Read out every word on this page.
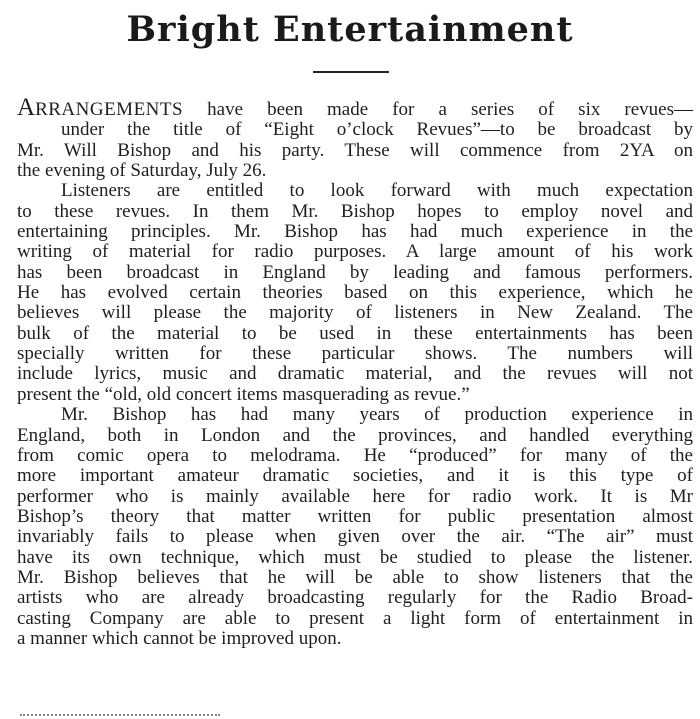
Bright Entertainment

ARRANGEMENTS have been made for a series of six revues—
under the title of “Eight o’clock Revues”—to be broadcast by
Mr. Will Bishop and his party. These will commence from 2YA on
the evening of Saturday, July 26.

Listeners are entitled to look forward with much expectation
to these revues. In them Mr. Bishop hopes to employ novel and
entertaining principles. Mr. Bishop has had much experience in the
writing of material for radio purposes. A large amount of his work
has been broadcast in England by leading and famous performers.
He has evolved certain theories based on this experience, which he
believes will please the majority of listeners in New Zealand. The
bulk of the material to be used in these entertainments has been
specially written for these particular shows. The numbers will
include lyrics, music and dramatic material, and the revues will not
present the “old, old concert items masquerading as revue.”

Mr. Bishop has had many years of production experience in
England, both in London and the provinces, and handled everything
from comic opera to melodrama. He “produced” for many of the
more important amateur dramatic societies, and it is this type of
performer who is mainly available here for radio work. It is Mr
Bishop’s theory that matter written for public presentation almost
invariably fails to please when given over the air. “The air” must
have its own technique, which must be studied to please the listener.
Mr. Bishop believes that he will be able to show listeners that the
artists who are already broadcasting regularly for the Radio Broad-
casting Company are able to present a light form of entertainment in
a manner which cannot be improved upon.
